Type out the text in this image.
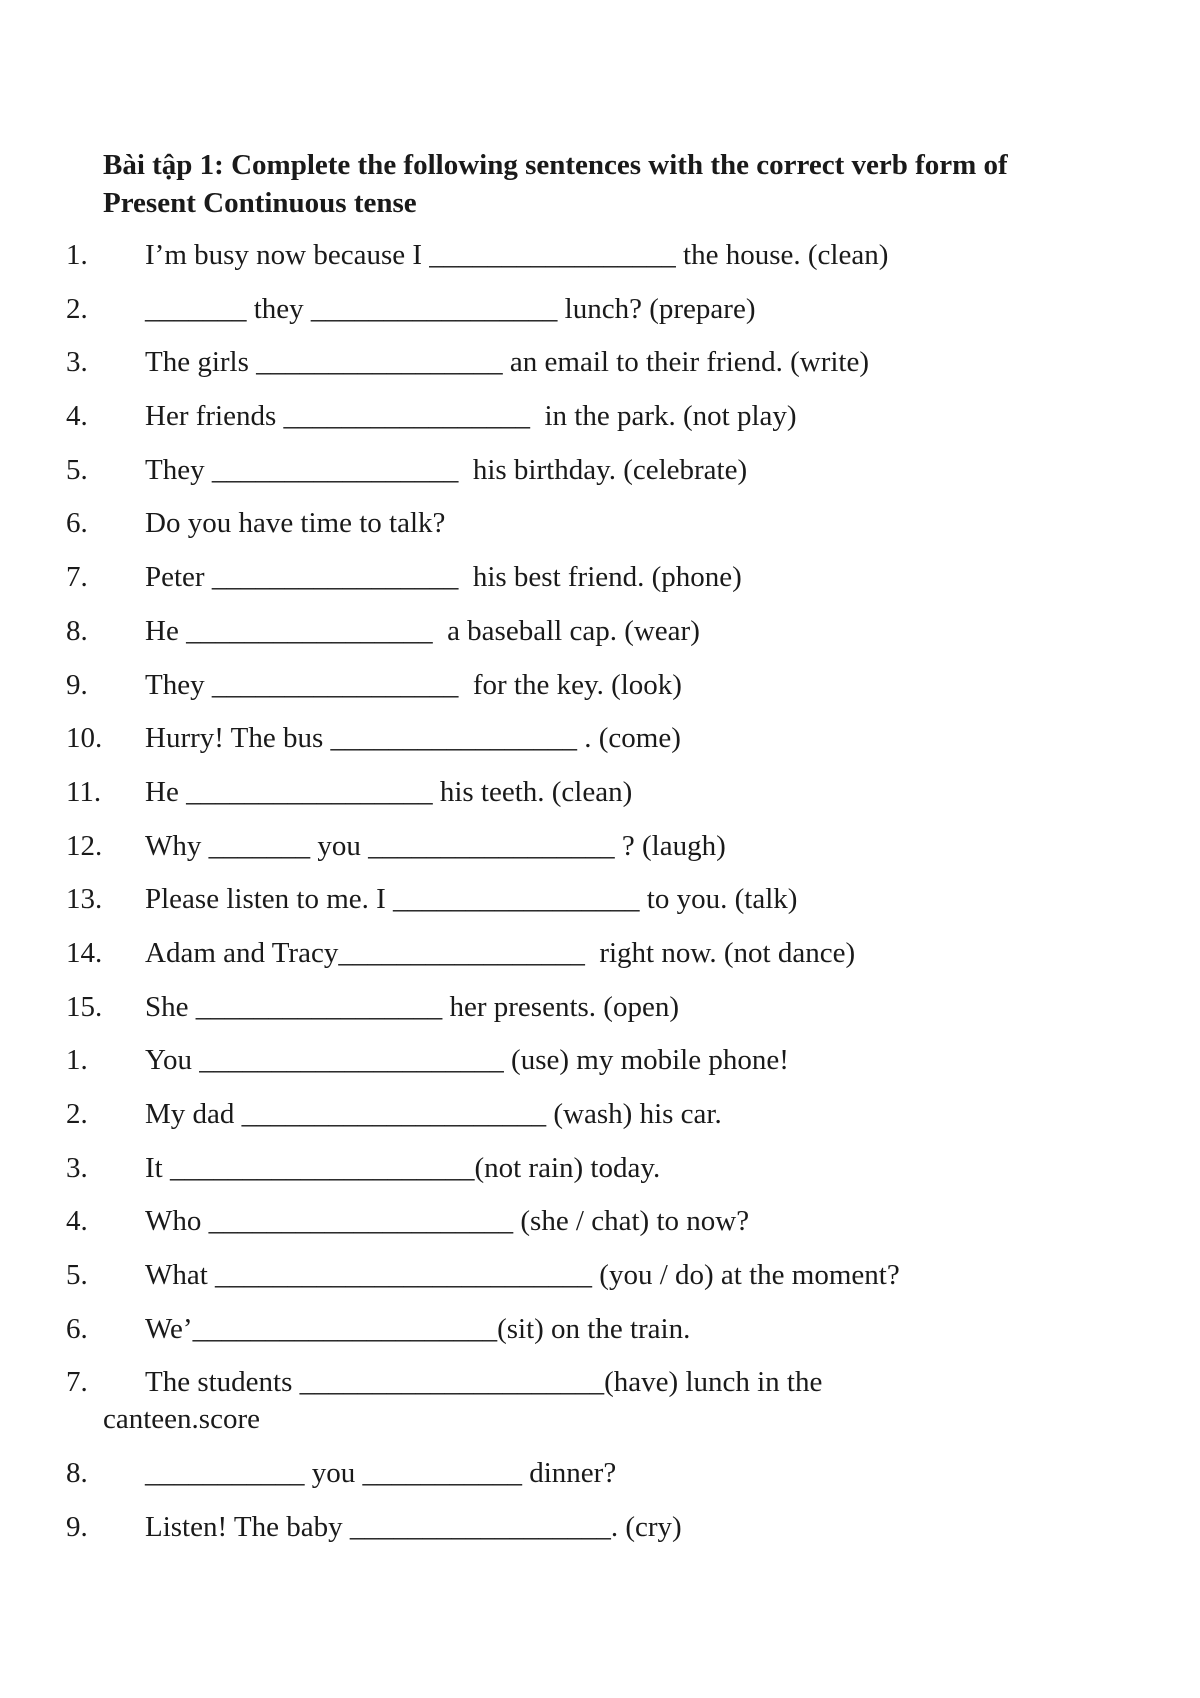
Bài tập 1: Complete the following sentences with the correct verb form of Present Continuous tense

1. I’m busy now because I _________________ the house. (clean)
2. _______ they _________________ lunch? (prepare)
3. The girls _________________ an email to their friend. (write)
4. Her friends _________________  in the park. (not play)
5. They _________________  his birthday. (celebrate)
6. Do you have time to talk?
7. Peter _________________  his best friend. (phone)
8. He _________________  a baseball cap. (wear)
9. They _________________  for the key. (look)
10. Hurry! The bus _________________ . (come)
11. He _________________ his teeth. (clean)
12. Why _______ you _________________ ? (laugh)
13. Please listen to me. I _________________ to you. (talk)
14. Adam and Tracy_________________  right now. (not dance)
15. She _________________ her presents. (open)
1. You _____________________ (use) my mobile phone!
2. My dad _____________________ (wash) his car.
3. It _____________________(not rain) today.
4. Who _____________________ (she / chat) to now?
5. What __________________________ (you / do) at the moment?
6. We’_____________________(sit) on the train.
7. The students _____________________(have) lunch in the
canteen.score
8. ___________ you ___________ dinner?
9. Listen! The baby __________________. (cry)
